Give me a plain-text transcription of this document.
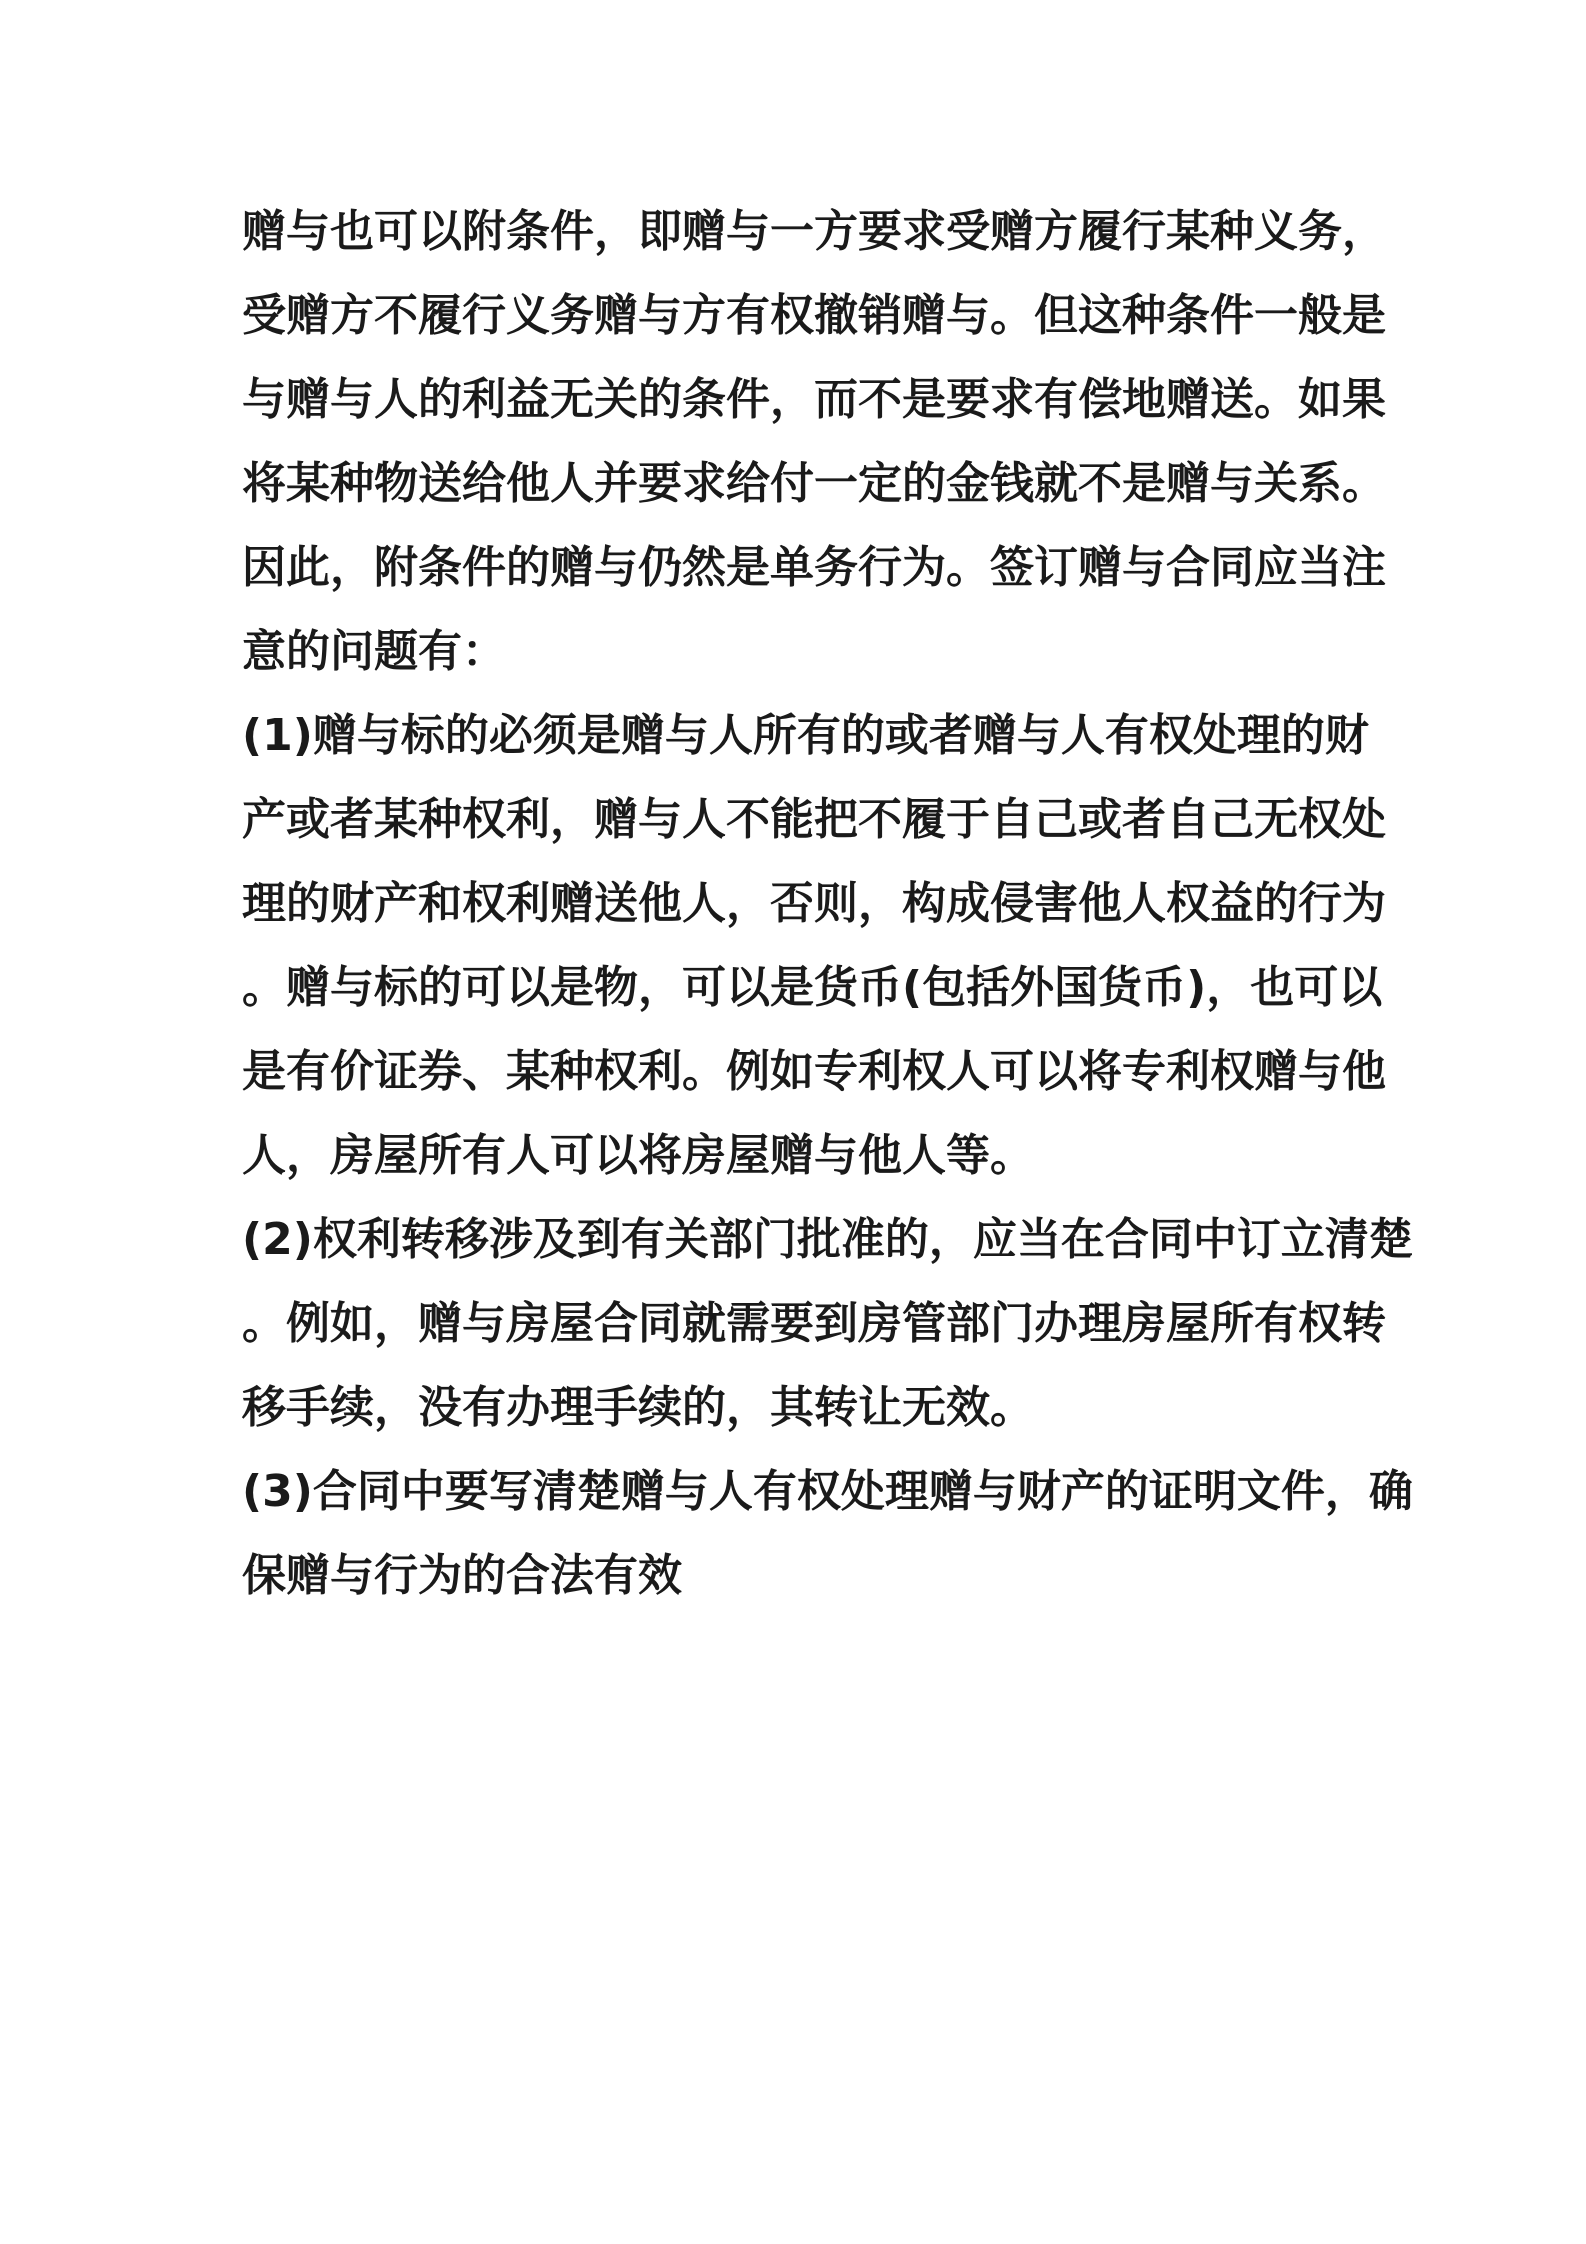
赠与也可以附条件，即赠与一方要求受赠方履行某种义务，
受赠方不履行义务赠与方有权撤销赠与。但这种条件一般是
与赠与人的利益无关的条件，而不是要求有偿地赠送。如果
将某种物送给他人并要求给付一定的金钱就不是赠与关系。
因此，附条件的赠与仍然是单务行为。签订赠与合同应当注
意的问题有：
(1)赠与标的必须是赠与人所有的或者赠与人有权处理的财
产或者某种权利，赠与人不能把不履于自己或者自己无权处
理的财产和权利赠送他人，否则，构成侵害他人权益的行为
。赠与标的可以是物，可以是货币(包括外国货币)，也可以
是有价证券、某种权利。例如专利权人可以将专利权赠与他
人，房屋所有人可以将房屋赠与他人等。
(2)权利转移涉及到有关部门批准的，应当在合同中订立清楚
。例如，赠与房屋合同就需要到房管部门办理房屋所有权转
移手续，没有办理手续的，其转让无效。
(3)合同中要写清楚赠与人有权处理赠与财产的证明文件，确
保赠与行为的合法有效
